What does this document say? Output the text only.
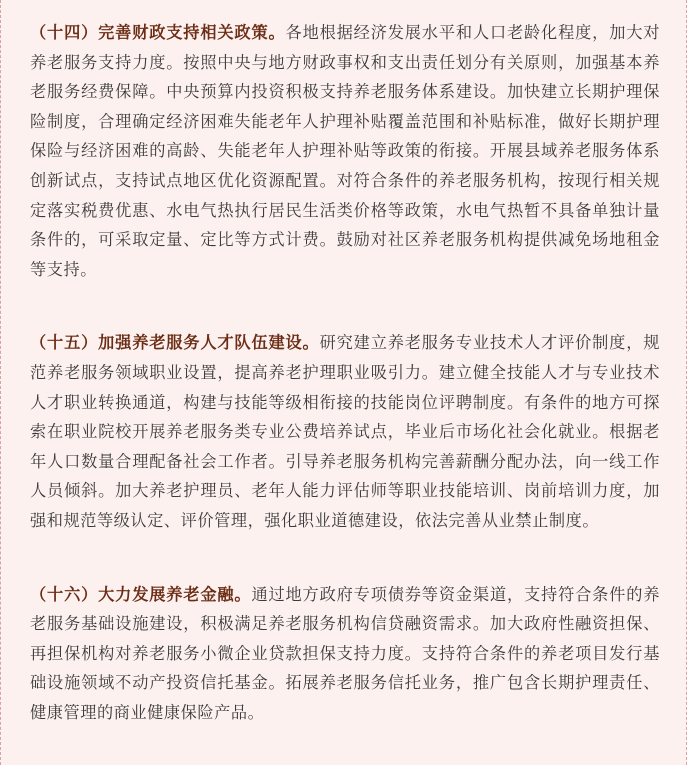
（十四）完善财政支持相关政策。各地根据经济发展水平和人口老龄化程度，加大对养老服务支持力度。按照中央与地方财政事权和支出责任划分有关原则，加强基本养老服务经费保障。中央预算内投资积极支持养老服务体系建设。加快建立长期护理保险制度，合理确定经济困难失能老年人护理补贴覆盖范围和补贴标准，做好长期护理保险与经济困难的高龄、失能老年人护理补贴等政策的衔接。开展县域养老服务体系创新试点，支持试点地区优化资源配置。对符合条件的养老服务机构，按现行相关规定落实税费优惠、水电气热执行居民生活类价格等政策，水电气热暂不具备单独计量条件的，可采取定量、定比等方式计费。鼓励对社区养老服务机构提供减免场地租金等支持。

（十五）加强养老服务人才队伍建设。研究建立养老服务专业技术人才评价制度，规范养老服务领域职业设置，提高养老护理职业吸引力。建立健全技能人才与专业技术人才职业转换通道，构建与技能等级相衔接的技能岗位评聘制度。有条件的地方可探索在职业院校开展养老服务类专业公费培养试点，毕业后市场化社会化就业。根据老年人口数量合理配备社会工作者。引导养老服务机构完善薪酬分配办法，向一线工作人员倾斜。加大养老护理员、老年人能力评估师等职业技能培训、岗前培训力度，加强和规范等级认定、评价管理，强化职业道德建设，依法完善从业禁止制度。

（十六）大力发展养老金融。通过地方政府专项债券等资金渠道，支持符合条件的养老服务基础设施建设，积极满足养老服务机构信贷融资需求。加大政府性融资担保、再担保机构对养老服务小微企业贷款担保支持力度。支持符合条件的养老项目发行基础设施领域不动产投资信托基金。拓展养老服务信托业务，推广包含长期护理责任、健康管理的商业健康保险产品。
